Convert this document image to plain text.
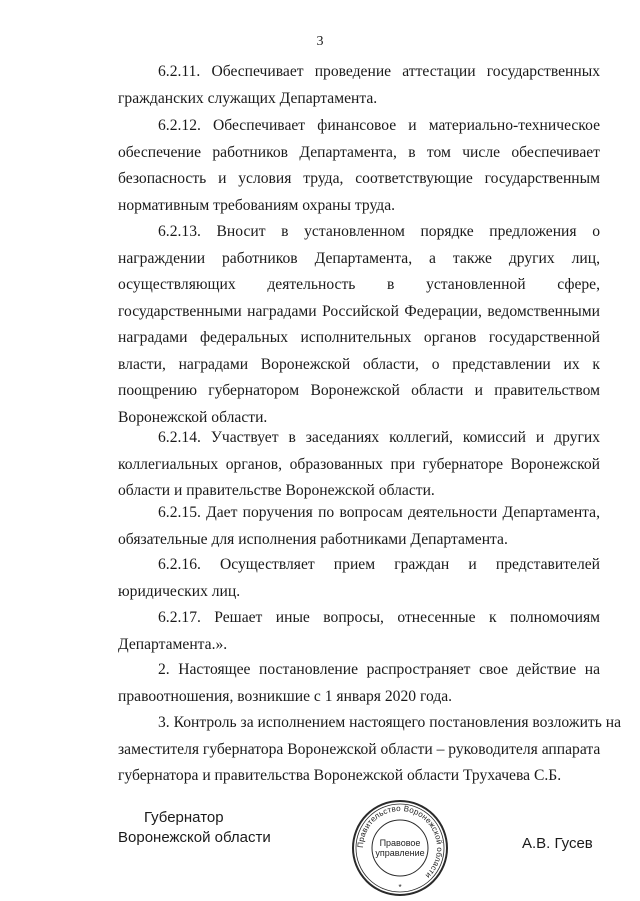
3
6.2.11. Обеспечивает проведение аттестации государственных
гражданских служащих Департамента.
6.2.12. Обеспечивает финансовое и материально-техническое
обеспечение работников Департамента, в том числе обеспечивает
безопасность и условия труда, соответствующие государственным
нормативным требованиям охраны труда.
6.2.13. Вносит в установленном порядке предложения о
награждении работников Департамента, а также других лиц,
осуществляющих деятельность в установленной сфере,
государственными наградами Российской Федерации, ведомственными
наградами федеральных исполнительных органов государственной
власти, наградами Воронежской области, о представлении их к
поощрению губернатором Воронежской области и правительством
Воронежской области.
6.2.14. Участвует в заседаниях коллегий, комиссий и других
коллегиальных органов, образованных при губернаторе Воронежской
области и правительстве Воронежской области.
6.2.15. Дает поручения по вопросам деятельности Департамента,
обязательные для исполнения работниками Департамента.
6.2.16. Осуществляет прием граждан и представителей
юридических лиц.
6.2.17. Решает иные вопросы, отнесенные к полномочиям
Департамента.».
2. Настоящее постановление распространяет свое действие на
правоотношения, возникшие с 1 января 2020 года.
3. Контроль за исполнением настоящего постановления возложить на
заместителя губернатора Воронежской области – руководителя аппарата
губернатора и правительства Воронежской области Трухачева С.Б.
Губернатор
Воронежской области	Правительство Воронежской области
Правовое
управление
*
А.В. Гусев
